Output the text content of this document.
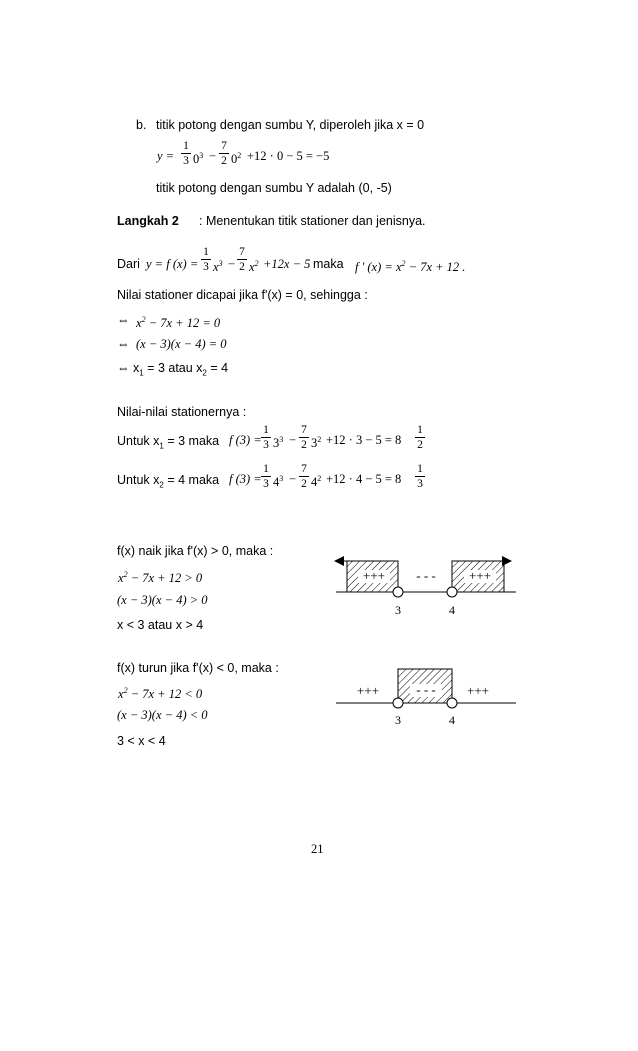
b. titik potong dengan sumbu Y, diperoleh jika x = 0
y =
1
3 $0^3$ −
7
2 $0^2 +12 \cdot 0 - 5 = -5$
titik potong dengan sumbu Y adalah (0, -5)
Langkah 2 : Menentukan titik stationer dan jenisnya.
Dari y = f (x) =
1
3 $x^3$ −
7
2 $x^2 +12x - 5$ maka f ' $(x) = x^2 - 7x + 12$ .
Nilai stationer dicapai jika f'(x) = 0, sehingga :
⇔ $x^2 - 7x + 12 = 0$
⇔ (x − 3)(x − 4) = 0
⇔ $x_1 = 3$ atau $x_2 = 4$
Nilai-nilai stationernya :
Untuk $x_1 = 3$ maka f (3) =
1
3 $3^3$ −
7
2 $3^2 +12 \cdot 3 - 5 = 8$
1
2
Untuk $x_2 = 4$ maka f (3) =
1
3 $4^3$ −
7
2 $4^2 +12 \cdot 4 - 5 = 8$
1
3
f(x) naik jika f'(x) > 0, maka :
$x^2 - 7x + 12 > 0$
(x − 3)(x − 4) > 0
x < 3 atau x > 4
+++ - - -	+++
3	4
f(x) turun jika f'(x) < 0, maka :
$x^2 - 7x + 12 < 0$
(x − 3)(x − 4) < 0
3 < x < 4
+++	- - - +++
3	4
21
